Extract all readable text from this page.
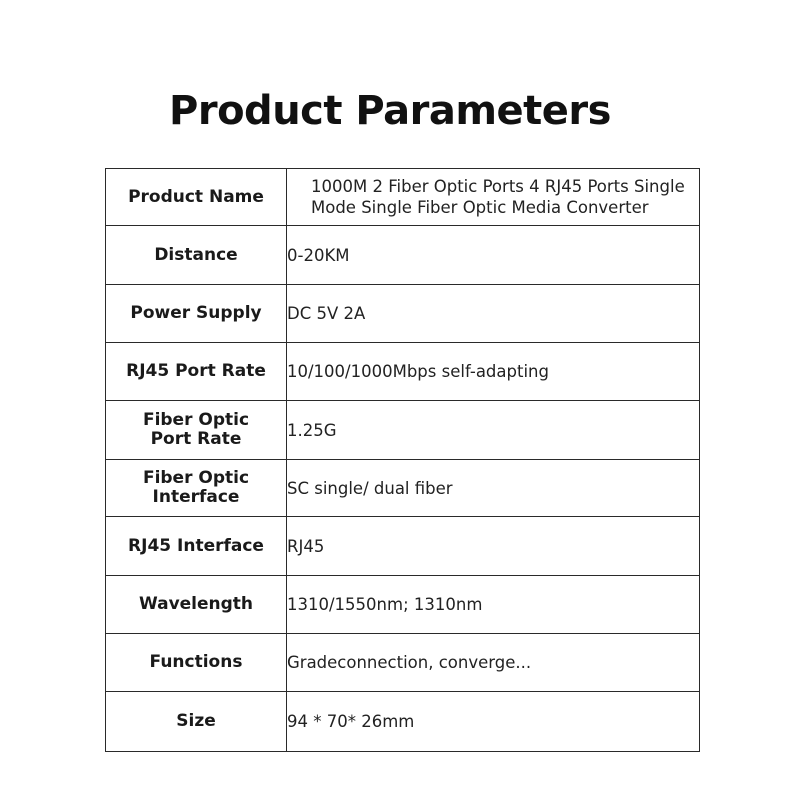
Product Parameters
Product Name	1000M 2 Fiber Optic Ports 4 RJ45 Ports Single
Mode Single Fiber Optic Media Converter

Distance	0-20KM

Power Supply	DC 5V 2A

RJ45 Port Rate	10/100/1000Mbps self-adapting

Fiber Optic
Port Rate	1.25G

Fiber Optic
Interface	SC single/ dual fiber

RJ45 Interface	RJ45

Wavelength	1310/1550nm; 1310nm

Functions	Gradeconnection, converge...

Size	94 * 70* 26mm
